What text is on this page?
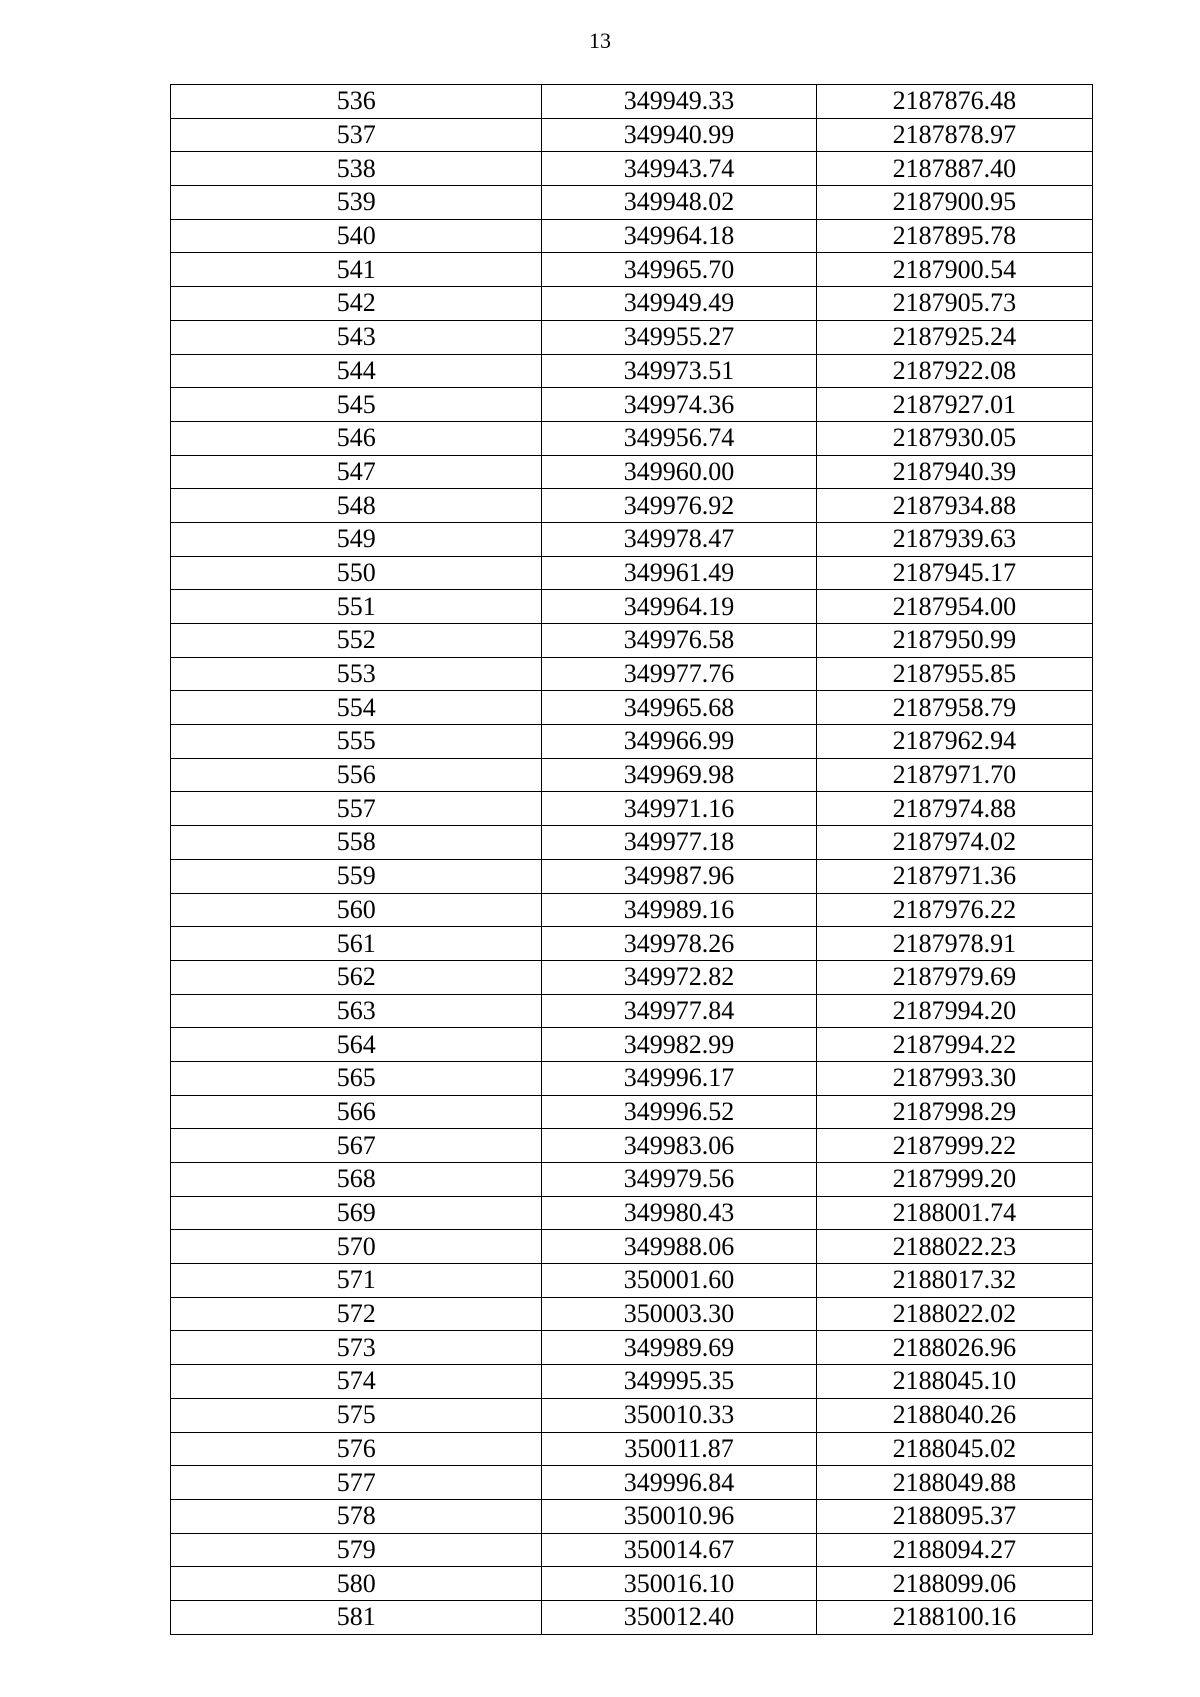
13
536	349949.33	2187876.48
537	349940.99	2187878.97
538	349943.74	2187887.40
539	349948.02	2187900.95
540	349964.18	2187895.78
541	349965.70	2187900.54
542	349949.49	2187905.73
543	349955.27	2187925.24
544	349973.51	2187922.08
545	349974.36	2187927.01
546	349956.74	2187930.05
547	349960.00	2187940.39
548	349976.92	2187934.88
549	349978.47	2187939.63
550	349961.49	2187945.17
551	349964.19	2187954.00
552	349976.58	2187950.99
553	349977.76	2187955.85
554	349965.68	2187958.79
555	349966.99	2187962.94
556	349969.98	2187971.70
557	349971.16	2187974.88
558	349977.18	2187974.02
559	349987.96	2187971.36
560	349989.16	2187976.22
561	349978.26	2187978.91
562	349972.82	2187979.69
563	349977.84	2187994.20
564	349982.99	2187994.22
565	349996.17	2187993.30
566	349996.52	2187998.29
567	349983.06	2187999.22
568	349979.56	2187999.20
569	349980.43	2188001.74
570	349988.06	2188022.23
571	350001.60	2188017.32
572	350003.30	2188022.02
573	349989.69	2188026.96
574	349995.35	2188045.10
575	350010.33	2188040.26
576	350011.87	2188045.02
577	349996.84	2188049.88
578	350010.96	2188095.37
579	350014.67	2188094.27
580	350016.10	2188099.06
581	350012.40	2188100.16
